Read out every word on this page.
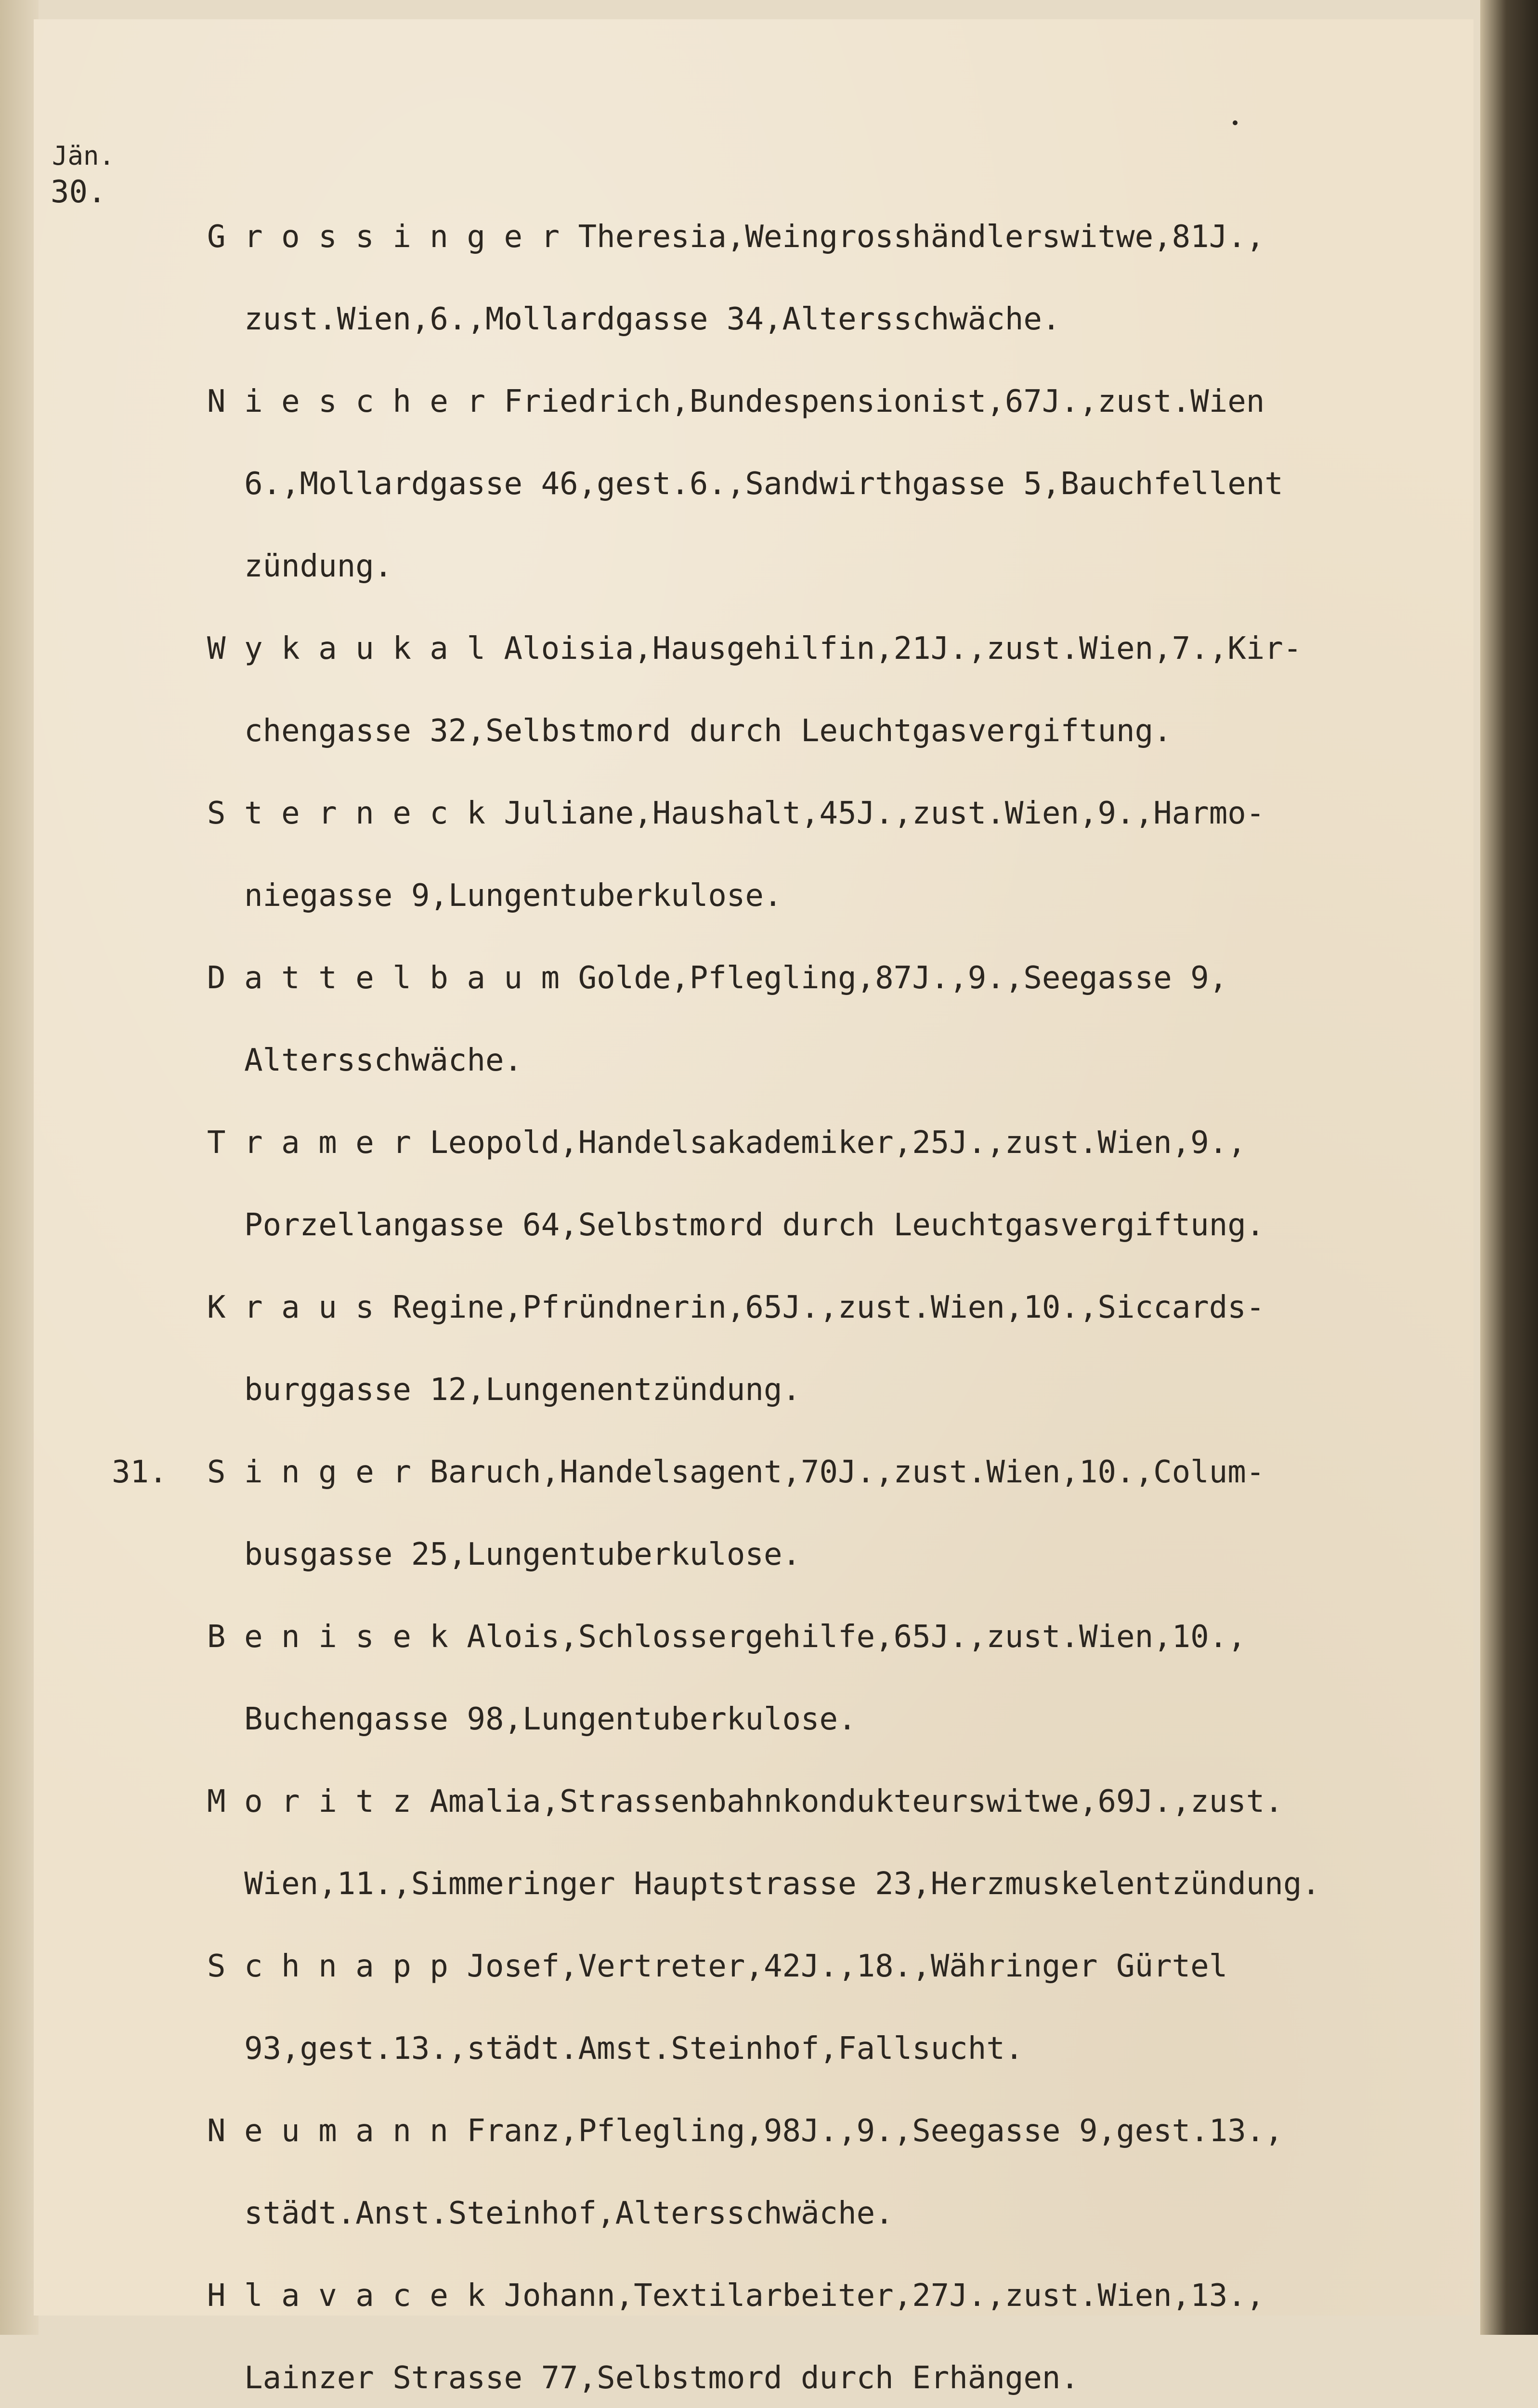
Jän.
30.
31.

G r o s s i n g e r Theresia,Weingrosshändlerswitwe,81J.,

zust.Wien,6.,Mollardgasse 34,Altersschwäche.

N i e s c h e r Friedrich,Bundespensionist,67J.,zust.Wien

6.,Mollardgasse 46,gest.6.,Sandwirthgasse 5,Bauchfellent

zündung.

W y k a u k a l Aloisia,Hausgehilfin,21J.,zust.Wien,7.,Kir-

chengasse 32,Selbstmord durch Leuchtgasvergiftung.

S t e r n e c k Juliane,Haushalt,45J.,zust.Wien,9.,Harmo-

niegasse 9,Lungentuberkulose.

D a t t e l b a u m Golde,Pflegling,87J.,9.,Seegasse 9,

Altersschwäche.

T r a m e r Leopold,Handelsakademiker,25J.,zust.Wien,9.,

Porzellangasse 64,Selbstmord durch Leuchtgasvergiftung.

K r a u s Regine,Pfründnerin,65J.,zust.Wien,10.,Siccards-

burggasse 12,Lungenentzündung.

S i n g e r Baruch,Handelsagent,70J.,zust.Wien,10.,Colum-

busgasse 25,Lungentuberkulose.

B e n i s e k Alois,Schlossergehilfe,65J.,zust.Wien,10.,

Buchengasse 98,Lungentuberkulose.

M o r i t z Amalia,Strassenbahnkondukteurswitwe,69J.,zust.

Wien,11.,Simmeringer Hauptstrasse 23,Herzmuskelentzündung.

S c h n a p p Josef,Vertreter,42J.,18.,Währinger Gürtel

93,gest.13.,städt.Amst.Steinhof,Fallsucht.

N e u m a n n Franz,Pflegling,98J.,9.,Seegasse 9,gest.13.,

städt.Anst.Steinhof,Altersschwäche.

H l a v a c e k Johann,Textilarbeiter,27J.,zust.Wien,13.,

Lainzer Strasse 77,Selbstmord durch Erhängen.
